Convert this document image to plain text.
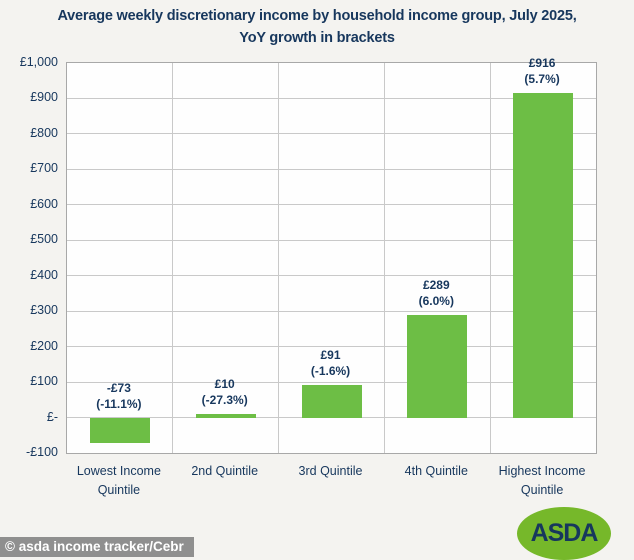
Average weekly discretionary income by household income group, July 2025,
YoY growth in brackets
£1,000
£900
£800
£700
£600
£500
£400
£300
£200
£100
£-
-£100
Lowest Income Quintile
2nd Quintile	3rd Quintile	4th Quintile	Highest Income Quintile
© asda income tracker/Cebr	ASDA
-£73
(-11.1%)
£10
(-27.3%)
£91
(-1.6%)
£289
(6.0%)
£916
(5.7%)
